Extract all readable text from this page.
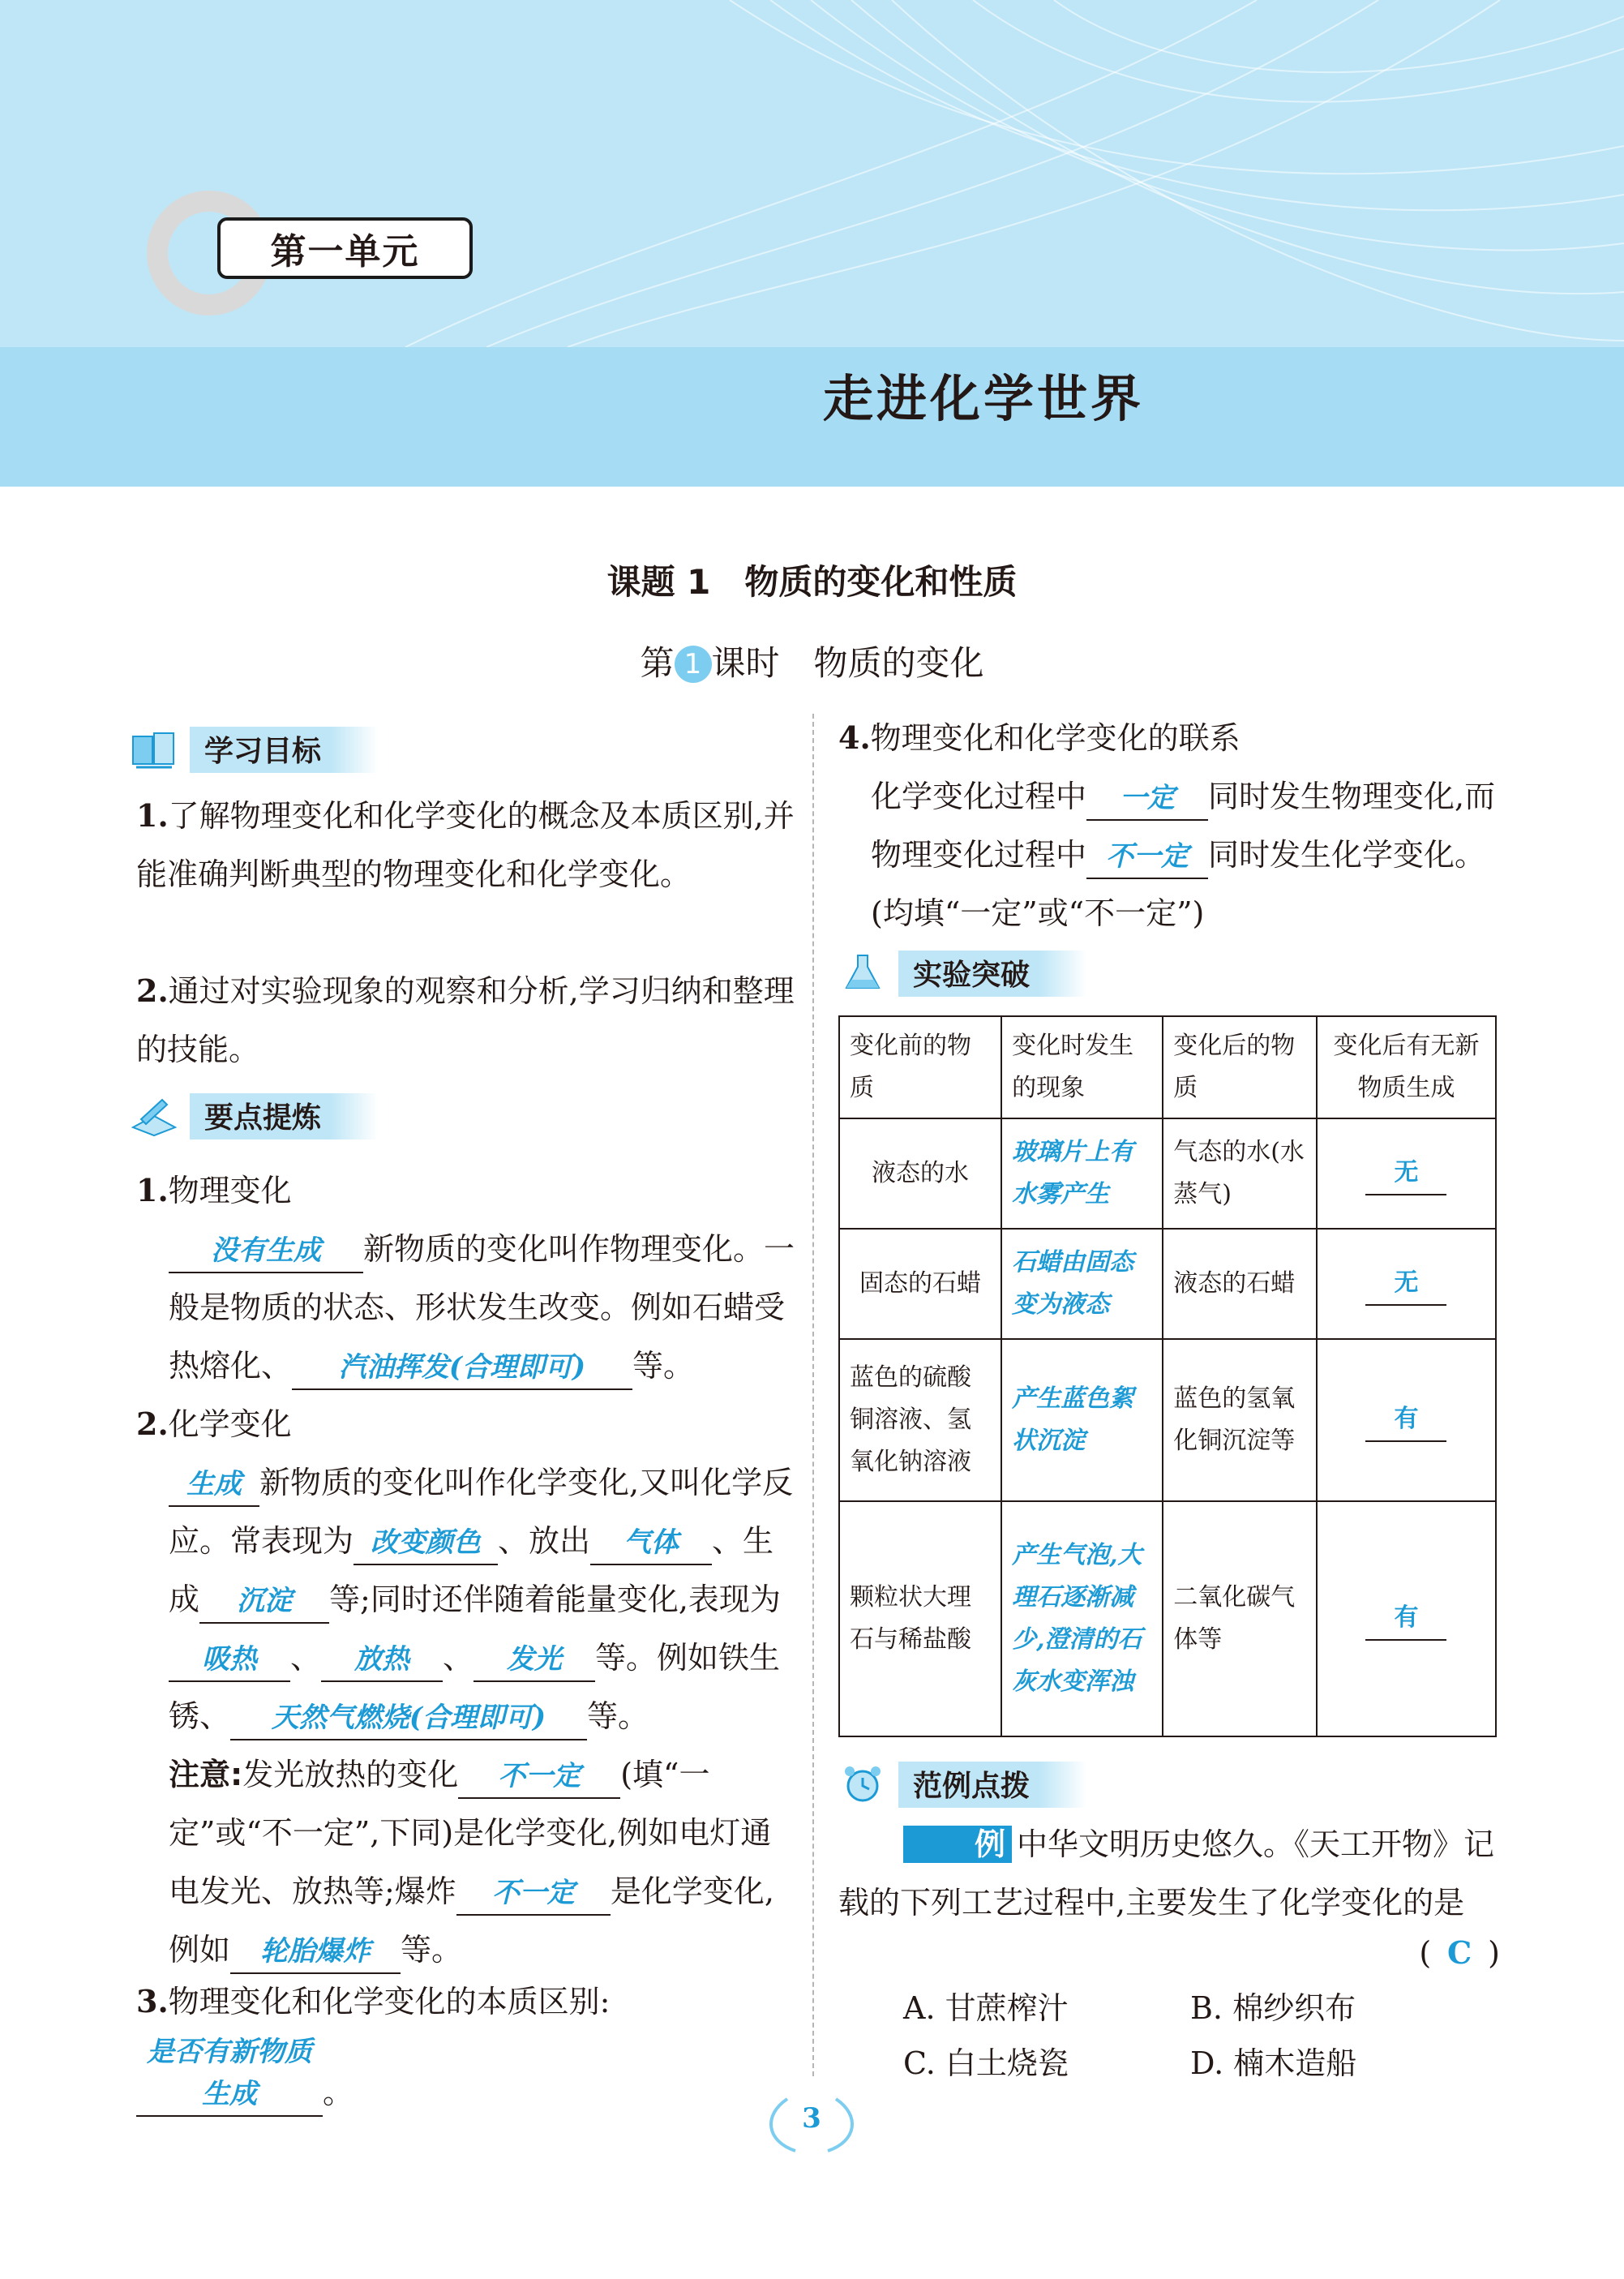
第一单元
走进化学世界
课题 1　物质的变化和性质
第 1 课时　物质的变化
学习目标
1.了解物理变化和化学变化的概念及本质区别,并能准确判断典型的物理变化和化学变化。
2.通过对实验现象的观察和分析,学习归纳和整理的技能。
要点提炼
1.物理变化
没有生成 新物质的变化叫作物理变化。一般是物质的状态、形状发生改变。例如石蜡受热熔化、 汽油挥发(合理即可) 等。
2.化学变化
生成 新物质的变化叫作化学变化,又叫化学反应。常表现为 改变颜色 、放出 气体 、生成 沉淀 等;同时还伴随着能量变化,表现为吸热 、 放热 、 发光 等。例如铁生锈、 天然气燃烧(合理即可) 等。
注意:发光放热的变化 不一定 (填“一定”或“不一定”,下同)是化学变化,例如电灯通电发光、放热等;爆炸 不一定 是化学变化,例如 轮胎爆炸 等。
3.物理变化和化学变化的本质区别:是否有新物质生成 。
4.物理变化和化学变化的联系
化学变化过程中 一定 同时发生物理变化,而物理变化过程中 不一定 同时发生化学变化。(均填“一定”或“不一定”)
实验突破
变化前的物质	变化时发生的现象	变化后的物质	变化后有无新物质生成
液态的水	玻璃片上有水雾产生	气态的水(水蒸气)	无
固态的石蜡	石蜡由固态变为液态	液态的石蜡	无
蓝色的硫酸铜溶液、氢氧化钠溶液	产生蓝色絮状沉淀	蓝色的氢氧化铜沉淀等	有
颗粒状大理石与稀盐酸	产生气泡,大理石逐渐减少,澄清的石灰水变浑浊	二氧化碳气体等	有
范例点拨
例 中华文明历史悠久。《天工开物》记载的下列工艺过程中,主要发生了化学变化的是
( C )
A. 甘蔗榨汁	B. 棉纱织布
C. 白土烧瓷	D. 楠木造船
3
